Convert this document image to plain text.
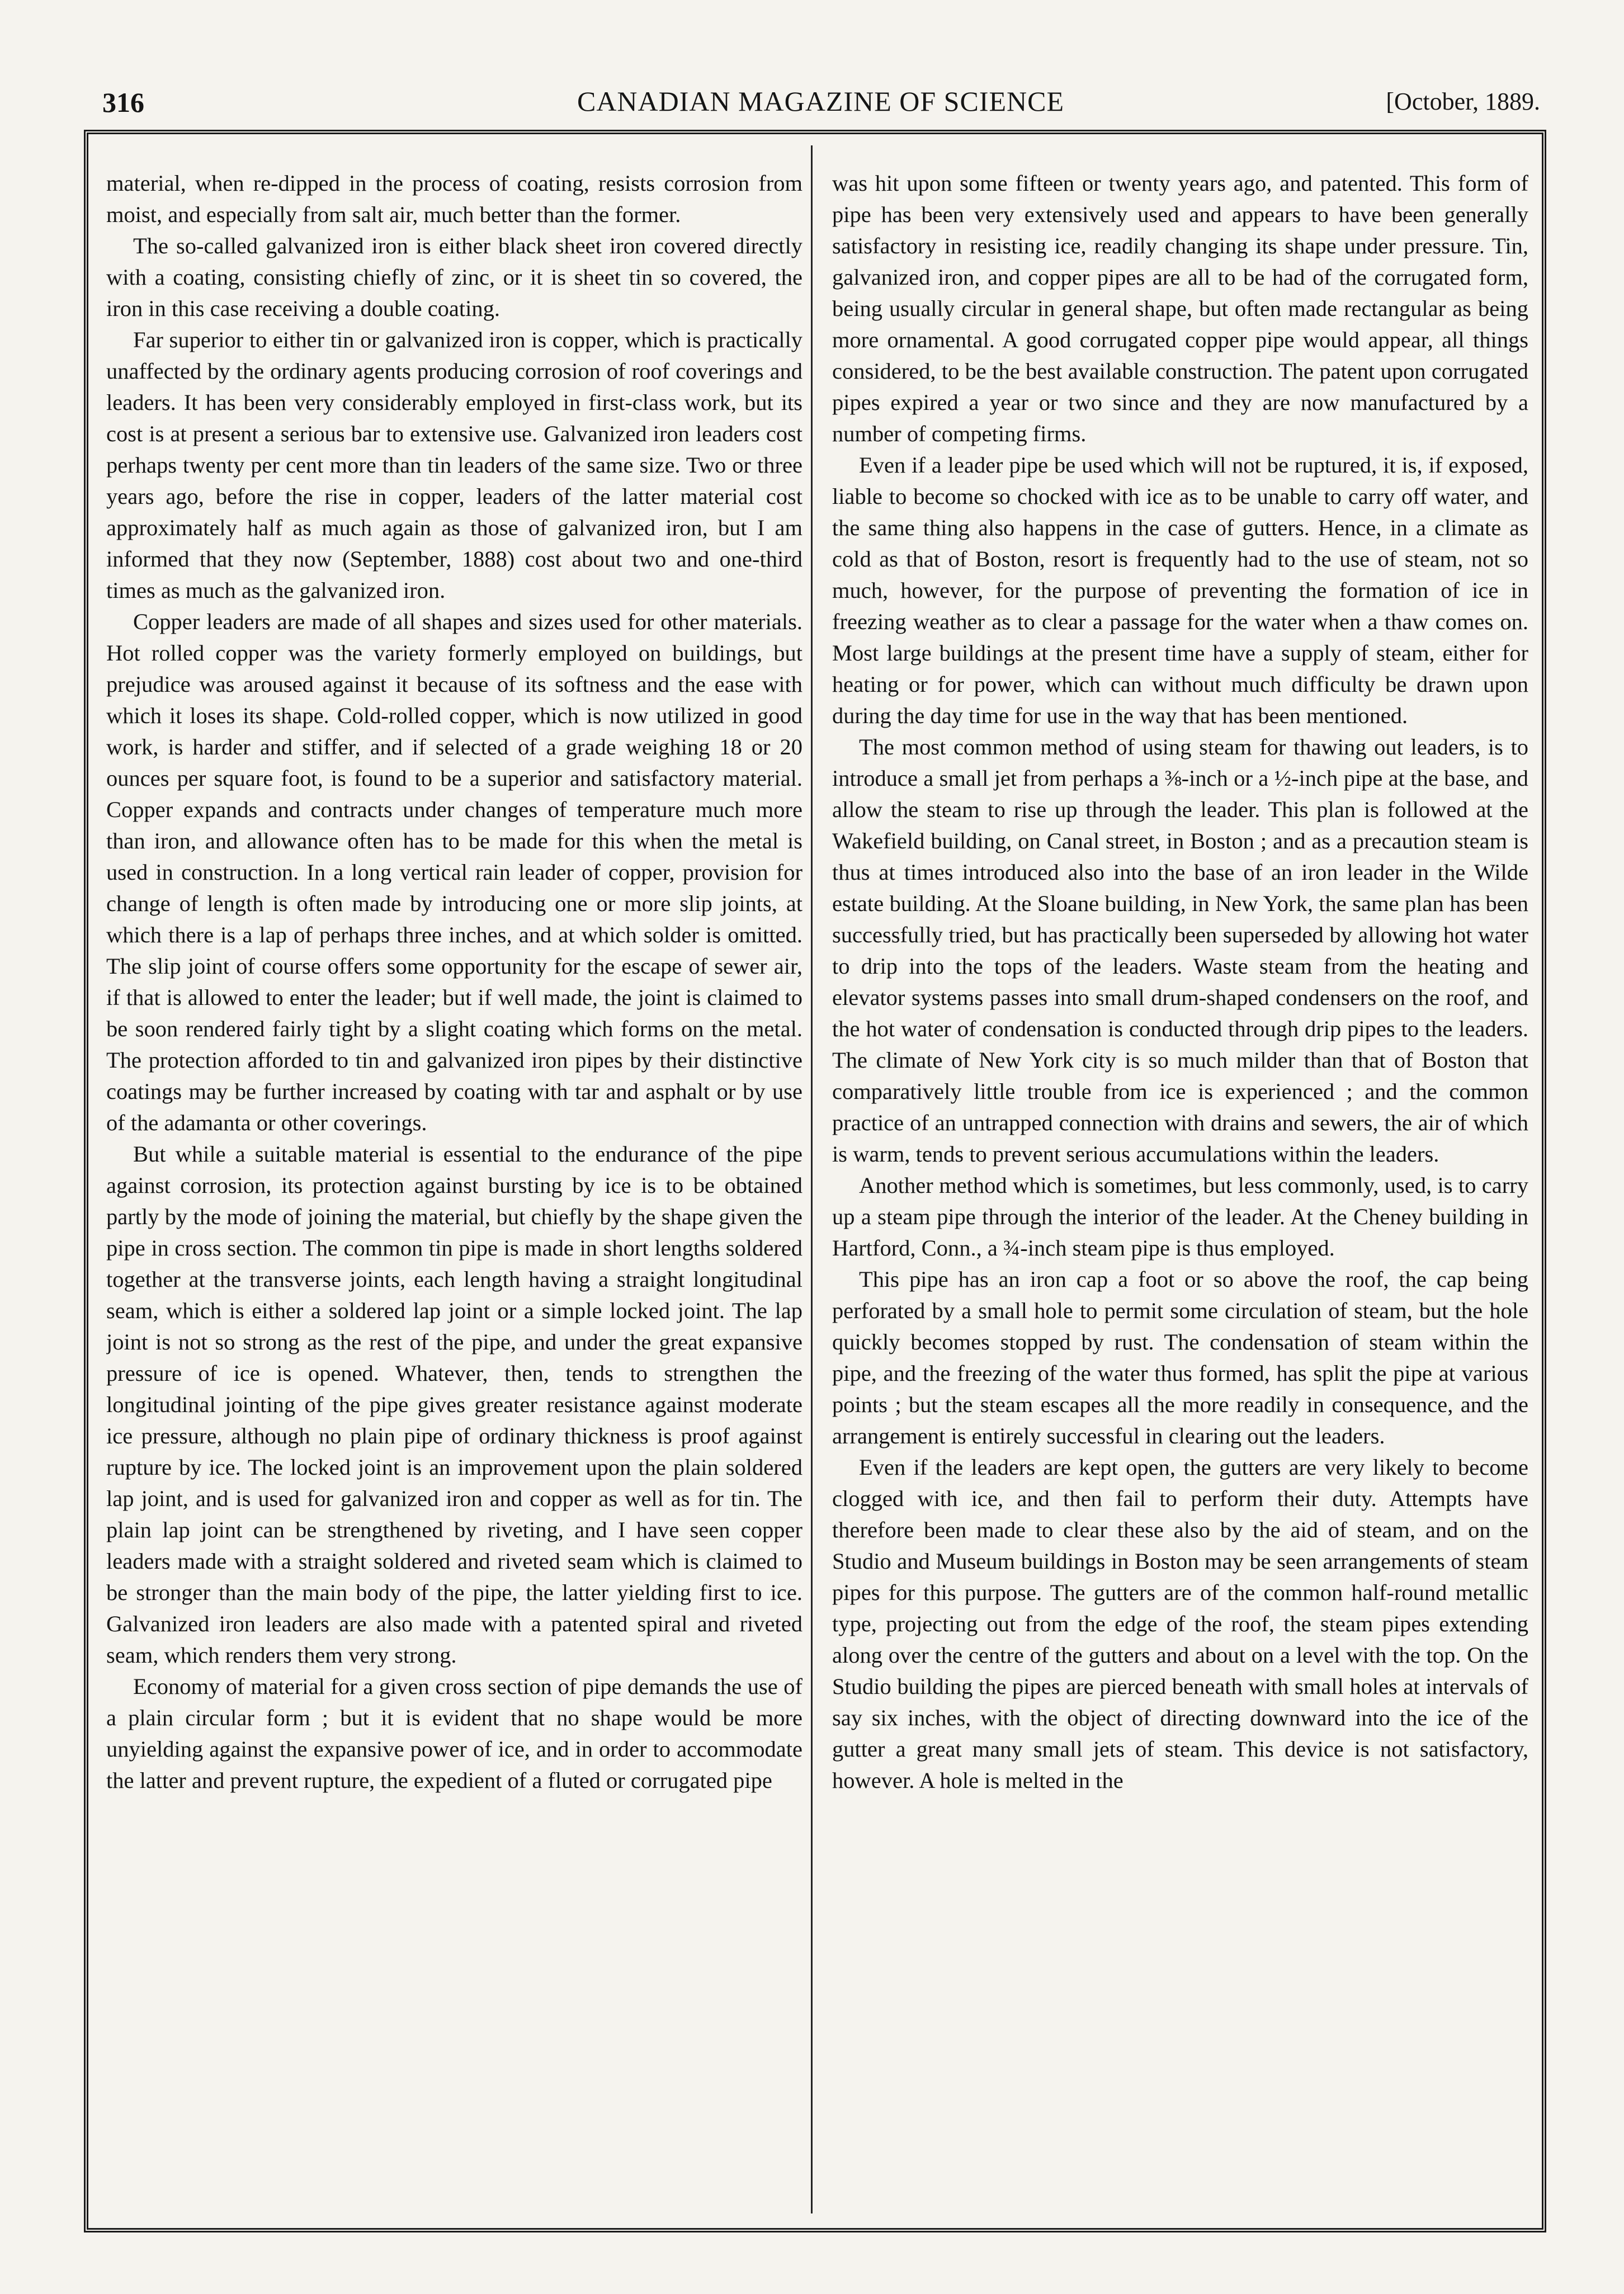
316	CANADIAN MAGAZINE OF SCIENCE	[October, 1889.

material, when re-dipped in the process of coating, resists corrosion from moist, and especially from salt air, much better than the former.

The so-called galvanized iron is either black sheet iron covered directly with a coating, consisting chiefly of zinc, or it is sheet tin so covered, the iron in this case receiving a double coating.

Far superior to either tin or galvanized iron is copper, which is practically unaffected by the ordinary agents producing corrosion of roof coverings and leaders. It has been very considerably employed in first-class work, but its cost is at present a serious bar to extensive use. Galvanized iron leaders cost perhaps twenty per cent more than tin leaders of the same size. Two or three years ago, before the rise in copper, leaders of the latter material cost approximately half as much again as those of galvanized iron, but I am informed that they now (September, 1888) cost about two and one-third times as much as the galvanized iron.

Copper leaders are made of all shapes and sizes used for other materials. Hot rolled copper was the variety formerly employed on buildings, but prejudice was aroused against it because of its softness and the ease with which it loses its shape. Cold-rolled copper, which is now utilized in good work, is harder and stiffer, and if selected of a grade weighing 18 or 20 ounces per square foot, is found to be a superior and satisfactory material. Copper expands and contracts under changes of temperature much more than iron, and allowance often has to be made for this when the metal is used in construction. In a long vertical rain leader of copper, provision for change of length is often made by introducing one or more slip joints, at which there is a lap of perhaps three inches, and at which solder is omitted. The slip joint of course offers some opportunity for the escape of sewer air, if that is allowed to enter the leader; but if well made, the joint is claimed to be soon rendered fairly tight by a slight coating which forms on the metal. The protection afforded to tin and galvanized iron pipes by their distinctive coatings may be further increased by coating with tar and asphalt or by use of the adamanta or other coverings.

But while a suitable material is essential to the endurance of the pipe against corrosion, its protection against bursting by ice is to be obtained partly by the mode of joining the material, but chiefly by the shape given the pipe in cross section. The common tin pipe is made in short lengths soldered together at the transverse joints, each length having a straight longitudinal seam, which is either a soldered lap joint or a simple locked joint. The lap joint is not so strong as the rest of the pipe, and under the great expansive pressure of ice is opened. Whatever, then, tends to strengthen the longitudinal jointing of the pipe gives greater resistance against moderate ice pressure, although no plain pipe of ordinary thickness is proof against rupture by ice. The locked joint is an improvement upon the plain soldered lap joint, and is used for galvanized iron and copper as well as for tin. The plain lap joint can be strengthened by riveting, and I have seen copper leaders made with a straight soldered and riveted seam which is claimed to be stronger than the main body of the pipe, the latter yielding first to ice. Galvanized iron leaders are also made with a patented spiral and riveted seam, which renders them very strong.

Economy of material for a given cross section of pipe demands the use of a plain circular form ; but it is evident that no shape would be more unyielding against the expansive power of ice, and in order to accommodate the latter and prevent rupture, the expedient of a fluted or corrugated pipe

was hit upon some fifteen or twenty years ago, and patented. This form of pipe has been very extensively used and appears to have been generally satisfactory in resisting ice, readily changing its shape under pressure. Tin, galvanized iron, and copper pipes are all to be had of the corrugated form, being usually circular in general shape, but often made rectangular as being more ornamental. A good corrugated copper pipe would appear, all things considered, to be the best available construction. The patent upon corrugated pipes expired a year or two since and they are now manufactured by a number of competing firms.

Even if a leader pipe be used which will not be ruptured, it is, if exposed, liable to become so chocked with ice as to be unable to carry off water, and the same thing also happens in the case of gutters. Hence, in a climate as cold as that of Boston, resort is frequently had to the use of steam, not so much, however, for the purpose of preventing the formation of ice in freezing weather as to clear a passage for the water when a thaw comes on. Most large buildings at the present time have a supply of steam, either for heating or for power, which can without much difficulty be drawn upon during the day time for use in the way that has been mentioned.

The most common method of using steam for thawing out leaders, is to introduce a small jet from perhaps a ⅜-inch or a ½-inch pipe at the base, and allow the steam to rise up through the leader. This plan is followed at the Wakefield building, on Canal street, in Boston ; and as a precaution steam is thus at times introduced also into the base of an iron leader in the Wilde estate building. At the Sloane building, in New York, the same plan has been successfully tried, but has practically been superseded by allowing hot water to drip into the tops of the leaders. Waste steam from the heating and elevator systems passes into small drum-shaped condensers on the roof, and the hot water of condensation is conducted through drip pipes to the leaders. The climate of New York city is so much milder than that of Boston that comparatively little trouble from ice is experienced ; and the common practice of an untrapped connection with drains and sewers, the air of which is warm, tends to prevent serious accumulations within the leaders.

Another method which is sometimes, but less commonly, used, is to carry up a steam pipe through the interior of the leader. At the Cheney building in Hartford, Conn., a ¾-inch steam pipe is thus employed.

This pipe has an iron cap a foot or so above the roof, the cap being perforated by a small hole to permit some circulation of steam, but the hole quickly becomes stopped by rust. The condensation of steam within the pipe, and the freezing of the water thus formed, has split the pipe at various points ; but the steam escapes all the more readily in consequence, and the arrangement is entirely successful in clearing out the leaders.

Even if the leaders are kept open, the gutters are very likely to become clogged with ice, and then fail to perform their duty. Attempts have therefore been made to clear these also by the aid of steam, and on the Studio and Museum buildings in Boston may be seen arrangements of steam pipes for this purpose. The gutters are of the common half-round metallic type, projecting out from the edge of the roof, the steam pipes extending along over the centre of the gutters and about on a level with the top. On the Studio building the pipes are pierced beneath with small holes at intervals of say six inches, with the object of directing downward into the ice of the gutter a great many small jets of steam. This device is not satisfactory, however. A hole is melted in the
